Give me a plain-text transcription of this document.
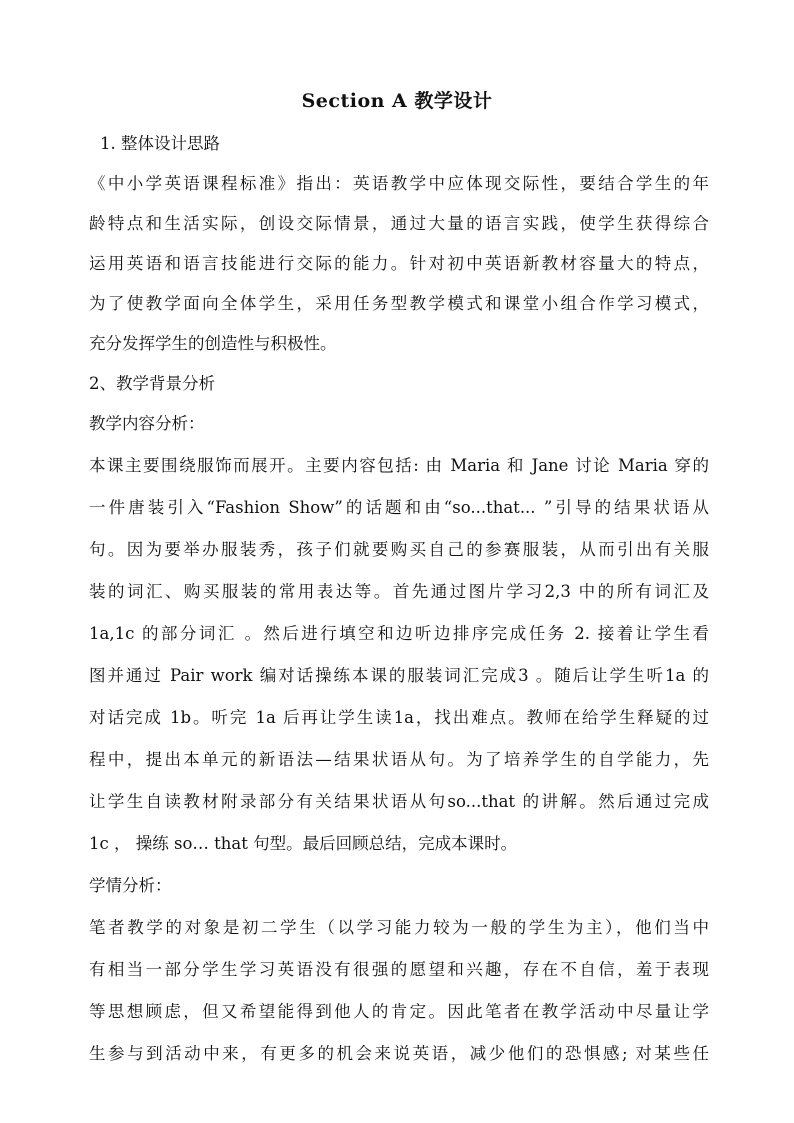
Section A 教学设计
1. 整体设计思路
《中小学英语课程标准》指出：英语教学中应体现交际性，要结合学生的年
龄特点和生活实际，创设交际情景，通过大量的语言实践，使学生获得综合
运用英语和语言技能进行交际的能力。针对初中英语新教材容量大的特点，
为了使教学面向全体学生，采用任务型教学模式和课堂小组合作学习模式，
充分发挥学生的创造性与积极性。
2、教学背景分析
教学内容分析：
本课主要围绕服饰而展开。主要内容包括: 由 Maria 和 Jane 讨论 Maria 穿的
一件唐装引入“Fashion Show”的话题和由“so...that... ”引导的结果状语从
句。因为要举办服装秀，孩子们就要购买自己的参赛服装，从而引出有关服
装的词汇、购买服装的常用表达等。首先通过图片学习2,3 中的所有词汇及
1a,1c 的部分词汇 。然后进行填空和边听边排序完成任务 2. 接着让学生看
图并通过 Pair work 编对话操练本课的服装词汇完成3 。随后让学生听1a 的
对话完成 1b。听完 1a 后再让学生读1a，找出难点。教师在给学生释疑的过
程中，提出本单元的新语法—结果状语从句。为了培养学生的自学能力，先
让学生自读教材附录部分有关结果状语从句so...that 的讲解。然后通过完成
1c ， 操练 so… that 句型。最后回顾总结，完成本课时。
学情分析：
笔者教学的对象是初二学生（以学习能力较为一般的学生为主），他们当中
有相当一部分学生学习英语没有很强的愿望和兴趣，存在不自信，羞于表现
等思想顾虑，但又希望能得到他人的肯定。因此笔者在教学活动中尽量让学
生参与到活动中来，有更多的机会来说英语，减少他们的恐惧感; 对某些任
